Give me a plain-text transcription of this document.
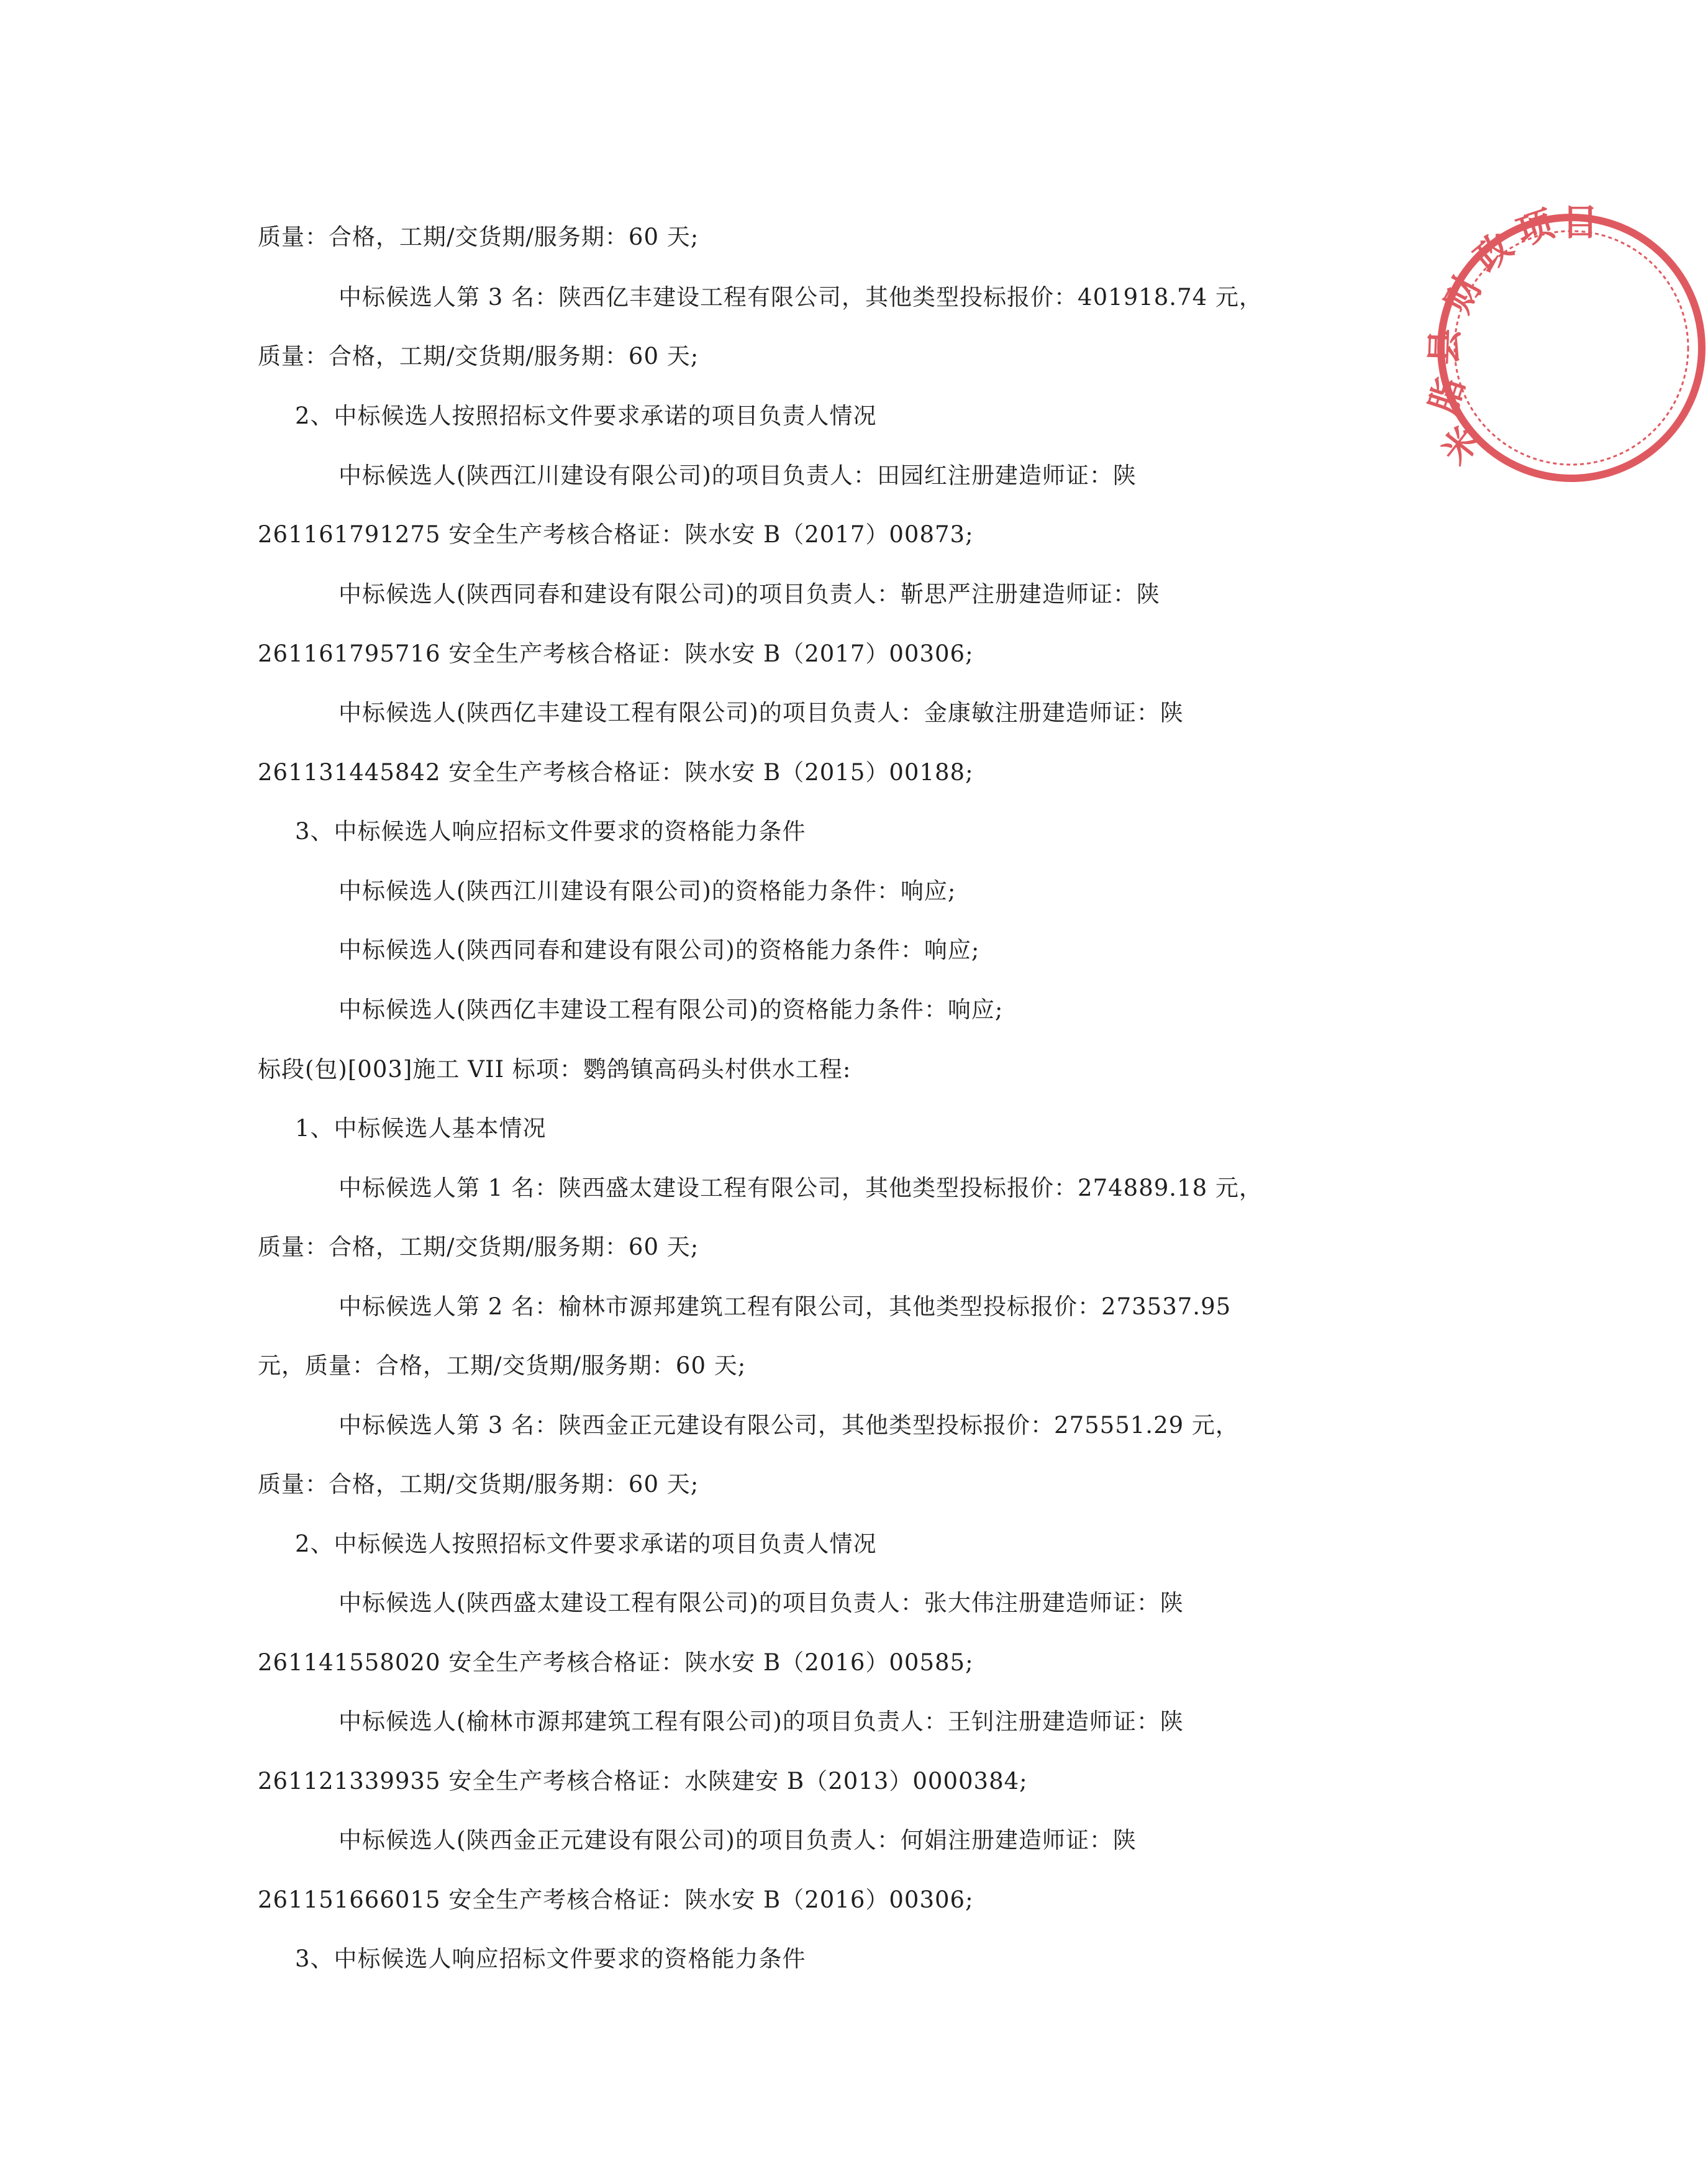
质量：合格，工期/交货期/服务期：60 天;
中标候选人第 3 名：陕西亿丰建设工程有限公司，其他类型投标报价：401918.74 元，
质量：合格，工期/交货期/服务期：60 天;
2、中标候选人按照招标文件要求承诺的项目负责人情况
中标候选人(陕西江川建设有限公司)的项目负责人：田园红注册建造师证：陕
261161791275 安全生产考核合格证：陕水安 B（2017）00873;
中标候选人(陕西同春和建设有限公司)的项目负责人：靳思严注册建造师证：陕
261161795716 安全生产考核合格证：陕水安 B（2017）00306;
中标候选人(陕西亿丰建设工程有限公司)的项目负责人：金康敏注册建造师证：陕
261131445842 安全生产考核合格证：陕水安 B（2015）00188;
3、中标候选人响应招标文件要求的资格能力条件
中标候选人(陕西江川建设有限公司)的资格能力条件：响应;
中标候选人(陕西同春和建设有限公司)的资格能力条件：响应;
中标候选人(陕西亿丰建设工程有限公司)的资格能力条件：响应;
标段(包)[003]施工 VII 标项：鹦鸽镇高码头村供水工程:
1、中标候选人基本情况
中标候选人第 1 名：陕西盛太建设工程有限公司，其他类型投标报价：274889.18 元，
质量：合格，工期/交货期/服务期：60 天;
中标候选人第 2 名：榆林市源邦建筑工程有限公司，其他类型投标报价：273537.95
元，质量：合格，工期/交货期/服务期：60 天;
中标候选人第 3 名：陕西金正元建设有限公司，其他类型投标报价：275551.29 元，
质量：合格，工期/交货期/服务期：60 天;
2、中标候选人按照招标文件要求承诺的项目负责人情况
中标候选人(陕西盛太建设工程有限公司)的项目负责人：张大伟注册建造师证：陕
261141558020 安全生产考核合格证：陕水安 B（2016）00585;
中标候选人(榆林市源邦建筑工程有限公司)的项目负责人：王钊注册建造师证：陕
261121339935 安全生产考核合格证：水陕建安 B（2013）0000384;
中标候选人(陕西金正元建设有限公司)的项目负责人：何娟注册建造师证：陕
261151666015 安全生产考核合格证：陕水安 B（2016）00306;
3、中标候选人响应招标文件要求的资格能力条件
米
脂
县
财
政
项 目
